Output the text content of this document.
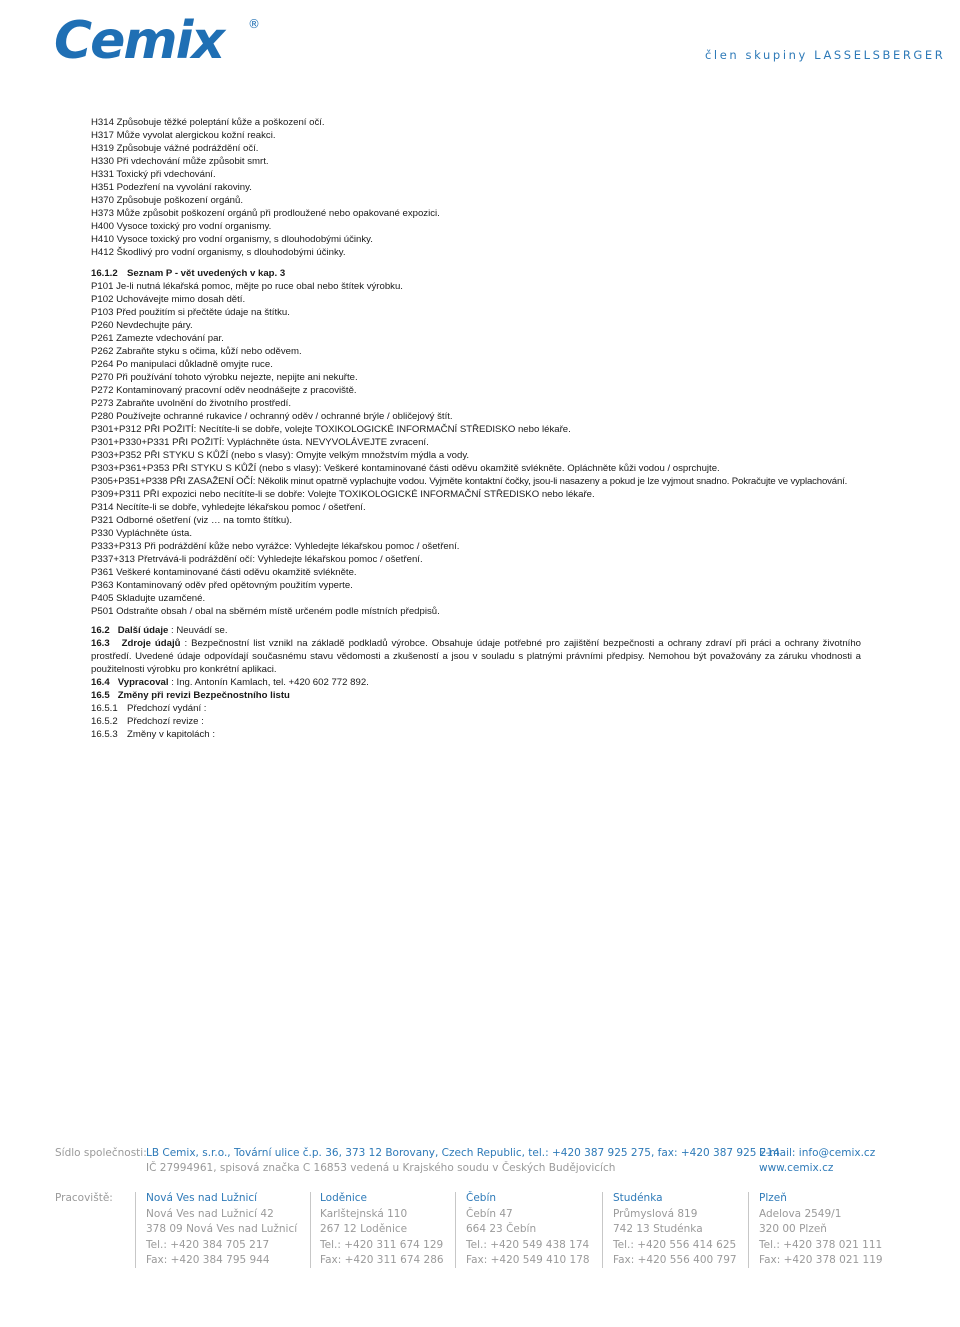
Cemix ®
člen skupiny LASSELSBERGER
H314 Způsobuje těžké poleptání kůže a poškození očí.
H317 Může vyvolat alergickou kožní reakci.
H319 Způsobuje vážné podráždění očí.
H330 Při vdechování může způsobit smrt.
H331 Toxický při vdechování.
H351 Podezření na vyvolání rakoviny.
H370 Způsobuje poškození orgánů.
H373 Může způsobit poškození orgánů při prodloužené nebo opakované expozici.
H400 Vysoce toxický pro vodní organismy.
H410 Vysoce toxický pro vodní organismy, s dlouhodobými účinky.
H412 Škodlivý pro vodní organismy, s dlouhodobými účinky.
16.1.2 Seznam P - vět uvedených v kap. 3
P101 Je-li nutná lékařská pomoc, mějte po ruce obal nebo štítek výrobku.
P102 Uchovávejte mimo dosah dětí.
P103 Před použitím si přečtěte údaje na štítku.
P260 Nevdechujte páry.
P261 Zamezte vdechování par.
P262 Zabraňte styku s očima, kůží nebo oděvem.
P264 Po manipulaci důkladně omyjte ruce.
P270 Při používání tohoto výrobku nejezte, nepijte ani nekuřte.
P272 Kontaminovaný pracovní oděv neodnášejte z pracoviště.
P273 Zabraňte uvolnění do životního prostředí.
P280 Používejte ochranné rukavice / ochranný oděv / ochranné brýle / obličejový štít.
P301+P312 PŘI POŽITÍ: Necítíte-li se dobře, volejte TOXIKOLOGICKÉ INFORMAČNÍ STŘEDISKO nebo lékaře.
P301+P330+P331 PŘI POŽITÍ: Vypláchněte ústa. NEVYVOLÁVEJTE zvracení.
P303+P352 PŘI STYKU S KŮŽÍ (nebo s vlasy): Omyjte velkým množstvím mýdla a vody.
P303+P361+P353 PŘI STYKU S KŮŽÍ (nebo s vlasy): Veškeré kontaminované části oděvu okamžitě svlékněte. Opláchněte kůži vodou / osprchujte.
P305+P351+P338 PŘI ZASAŽENÍ OČÍ: Několik minut opatrně vyplachujte vodou. Vyjměte kontaktní čočky, jsou-li nasazeny a pokud je lze vyjmout snadno. Pokračujte ve vyplachování.
P309+P311 PŘI expozici nebo necítíte-li se dobře: Volejte TOXIKOLOGICKÉ INFORMAČNÍ STŘEDISKO nebo lékaře.
P314 Necítíte-li se dobře, vyhledejte lékařskou pomoc / ošetření.
P321 Odborné ošetření (viz … na tomto štítku).
P330 Vypláchněte ústa.
P333+P313 Při podráždění kůže nebo vyrážce: Vyhledejte lékařskou pomoc / ošetření.
P337+313 Přetrvává-li podráždění očí: Vyhledejte lékařskou pomoc / ošetření.
P361 Veškeré kontaminované části oděvu okamžitě svlékněte.
P363 Kontaminovaný oděv před opětovným použitím vyperte.
P405 Skladujte uzamčené.
P501 Odstraňte obsah / obal na sběrném místě určeném podle místních předpisů.
16.2 Další údaje : Neuvádí se.
16.3 Zdroje údajů : Bezpečnostní list vznikl na základě podkladů výrobce. Obsahuje údaje potřebné pro zajištění bezpečnosti a ochrany zdraví při práci a ochrany životního prostředí. Uvedené údaje odpovídají současnému stavu vědomosti a zkušeností a jsou v souladu s platnými právními předpisy. Nemohou být považovány za záruku vhodnosti a použitelnosti výrobku pro konkrétní aplikaci.
16.4 Vypracoval : Ing. Antonín Kamlach, tel. +420 602 772 892.
16.5 Změny při revizi Bezpečnostního listu
16.5.1 Předchozí vydání :
16.5.2 Předchozí revize :
16.5.3 Změny v kapitolách :
Sídlo společnosti: LB Cemix, s.r.o., Tovární ulice č.p. 36, 373 12 Borovany, Czech Republic, tel.: +420 387 925 275, fax: +420 387 925 214
IČ 27994961, spisová značka C 16853 vedená u Krajského soudu v Českých Budějovicích
E-mail: info@cemix.cz
www.cemix.cz
Pracoviště:	Nová Ves nad Lužnicí
Nová Ves nad Lužnicí 42
378 09 Nová Ves nad Lužnicí
Tel.: +420 384 705 217
Fax: +420 384 795 944
Loděnice
Karlštejnská 110
267 12 Loděnice
Tel.: +420 311 674 129
Fax: +420 311 674 286
Čebín
Čebín 47
664 23 Čebín
Tel.: +420 549 438 174
Fax: +420 549 410 178
Studénka
Průmyslová 819
742 13 Studénka
Tel.: +420 556 414 625
Fax: +420 556 400 797
Plzeň
Adelova 2549/1
320 00 Plzeň
Tel.: +420 378 021 111
Fax: +420 378 021 119
